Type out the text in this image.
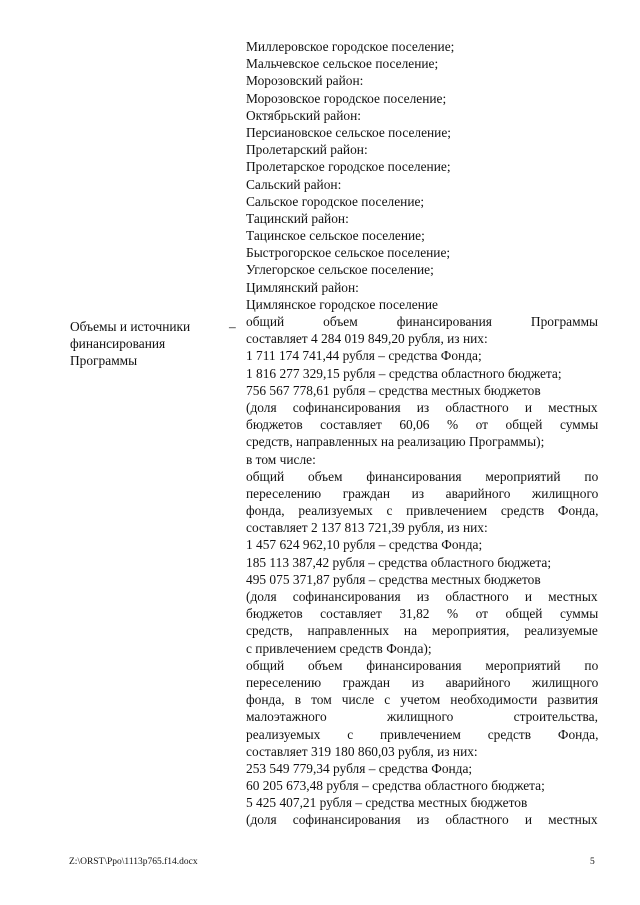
Миллеровское городское поселение;
Мальчевское сельское поселение;
Морозовский район:
Морозовское городское поселение;
Октябрьский район:
Персиановское сельское поселение;
Пролетарский район:
Пролетарское городское поселение;
Сальский район:
Сальское городское поселение;
Тацинский район:
Тацинское сельское поселение;
Быстрогорское сельское поселение;
Углегорское сельское поселение;
Цимлянский район:
Цимлянское городское поселение
общий объем финансирования Программы
составляет 4 284 019 849,20 рубля, из них:
1 711 174 741,44 рубля – средства Фонда;
1 816 277 329,15 рубля – средства областного бюджета;
756 567 778,61 рубля – средства местных бюджетов
(доля софинансирования из областного и местных
бюджетов составляет 60,06 % от общей суммы
средств, направленных на реализацию Программы);
в том числе:
общий объем финансирования мероприятий по
переселению граждан из аварийного жилищного
фонда, реализуемых с привлечением средств Фонда,
составляет 2 137 813 721,39 рубля, из них:
1 457 624 962,10 рубля – средства Фонда;
185 113 387,42 рубля – средства областного бюджета;
495 075 371,87 рубля – средства местных бюджетов
(доля софинансирования из областного и местных
бюджетов составляет 31,82 % от общей суммы
средств, направленных на мероприятия, реализуемые
с привлечением средств Фонда);
общий объем финансирования мероприятий по
переселению граждан из аварийного жилищного
фонда, в том числе с учетом необходимости развития
малоэтажного жилищного строительства,
реализуемых с привлечением средств Фонда,
составляет 319 180 860,03 рубля, из них:
253 549 779,34 рубля – средства Фонда;
60 205 673,48 рубля – средства областного бюджета;
5 425 407,21 рубля – средства местных бюджетов
(доля софинансирования из областного и местных
Объемы и источники
финансирования
Программы
–
Z:\ORST\Ppo\1113p765.f14.docx	5
